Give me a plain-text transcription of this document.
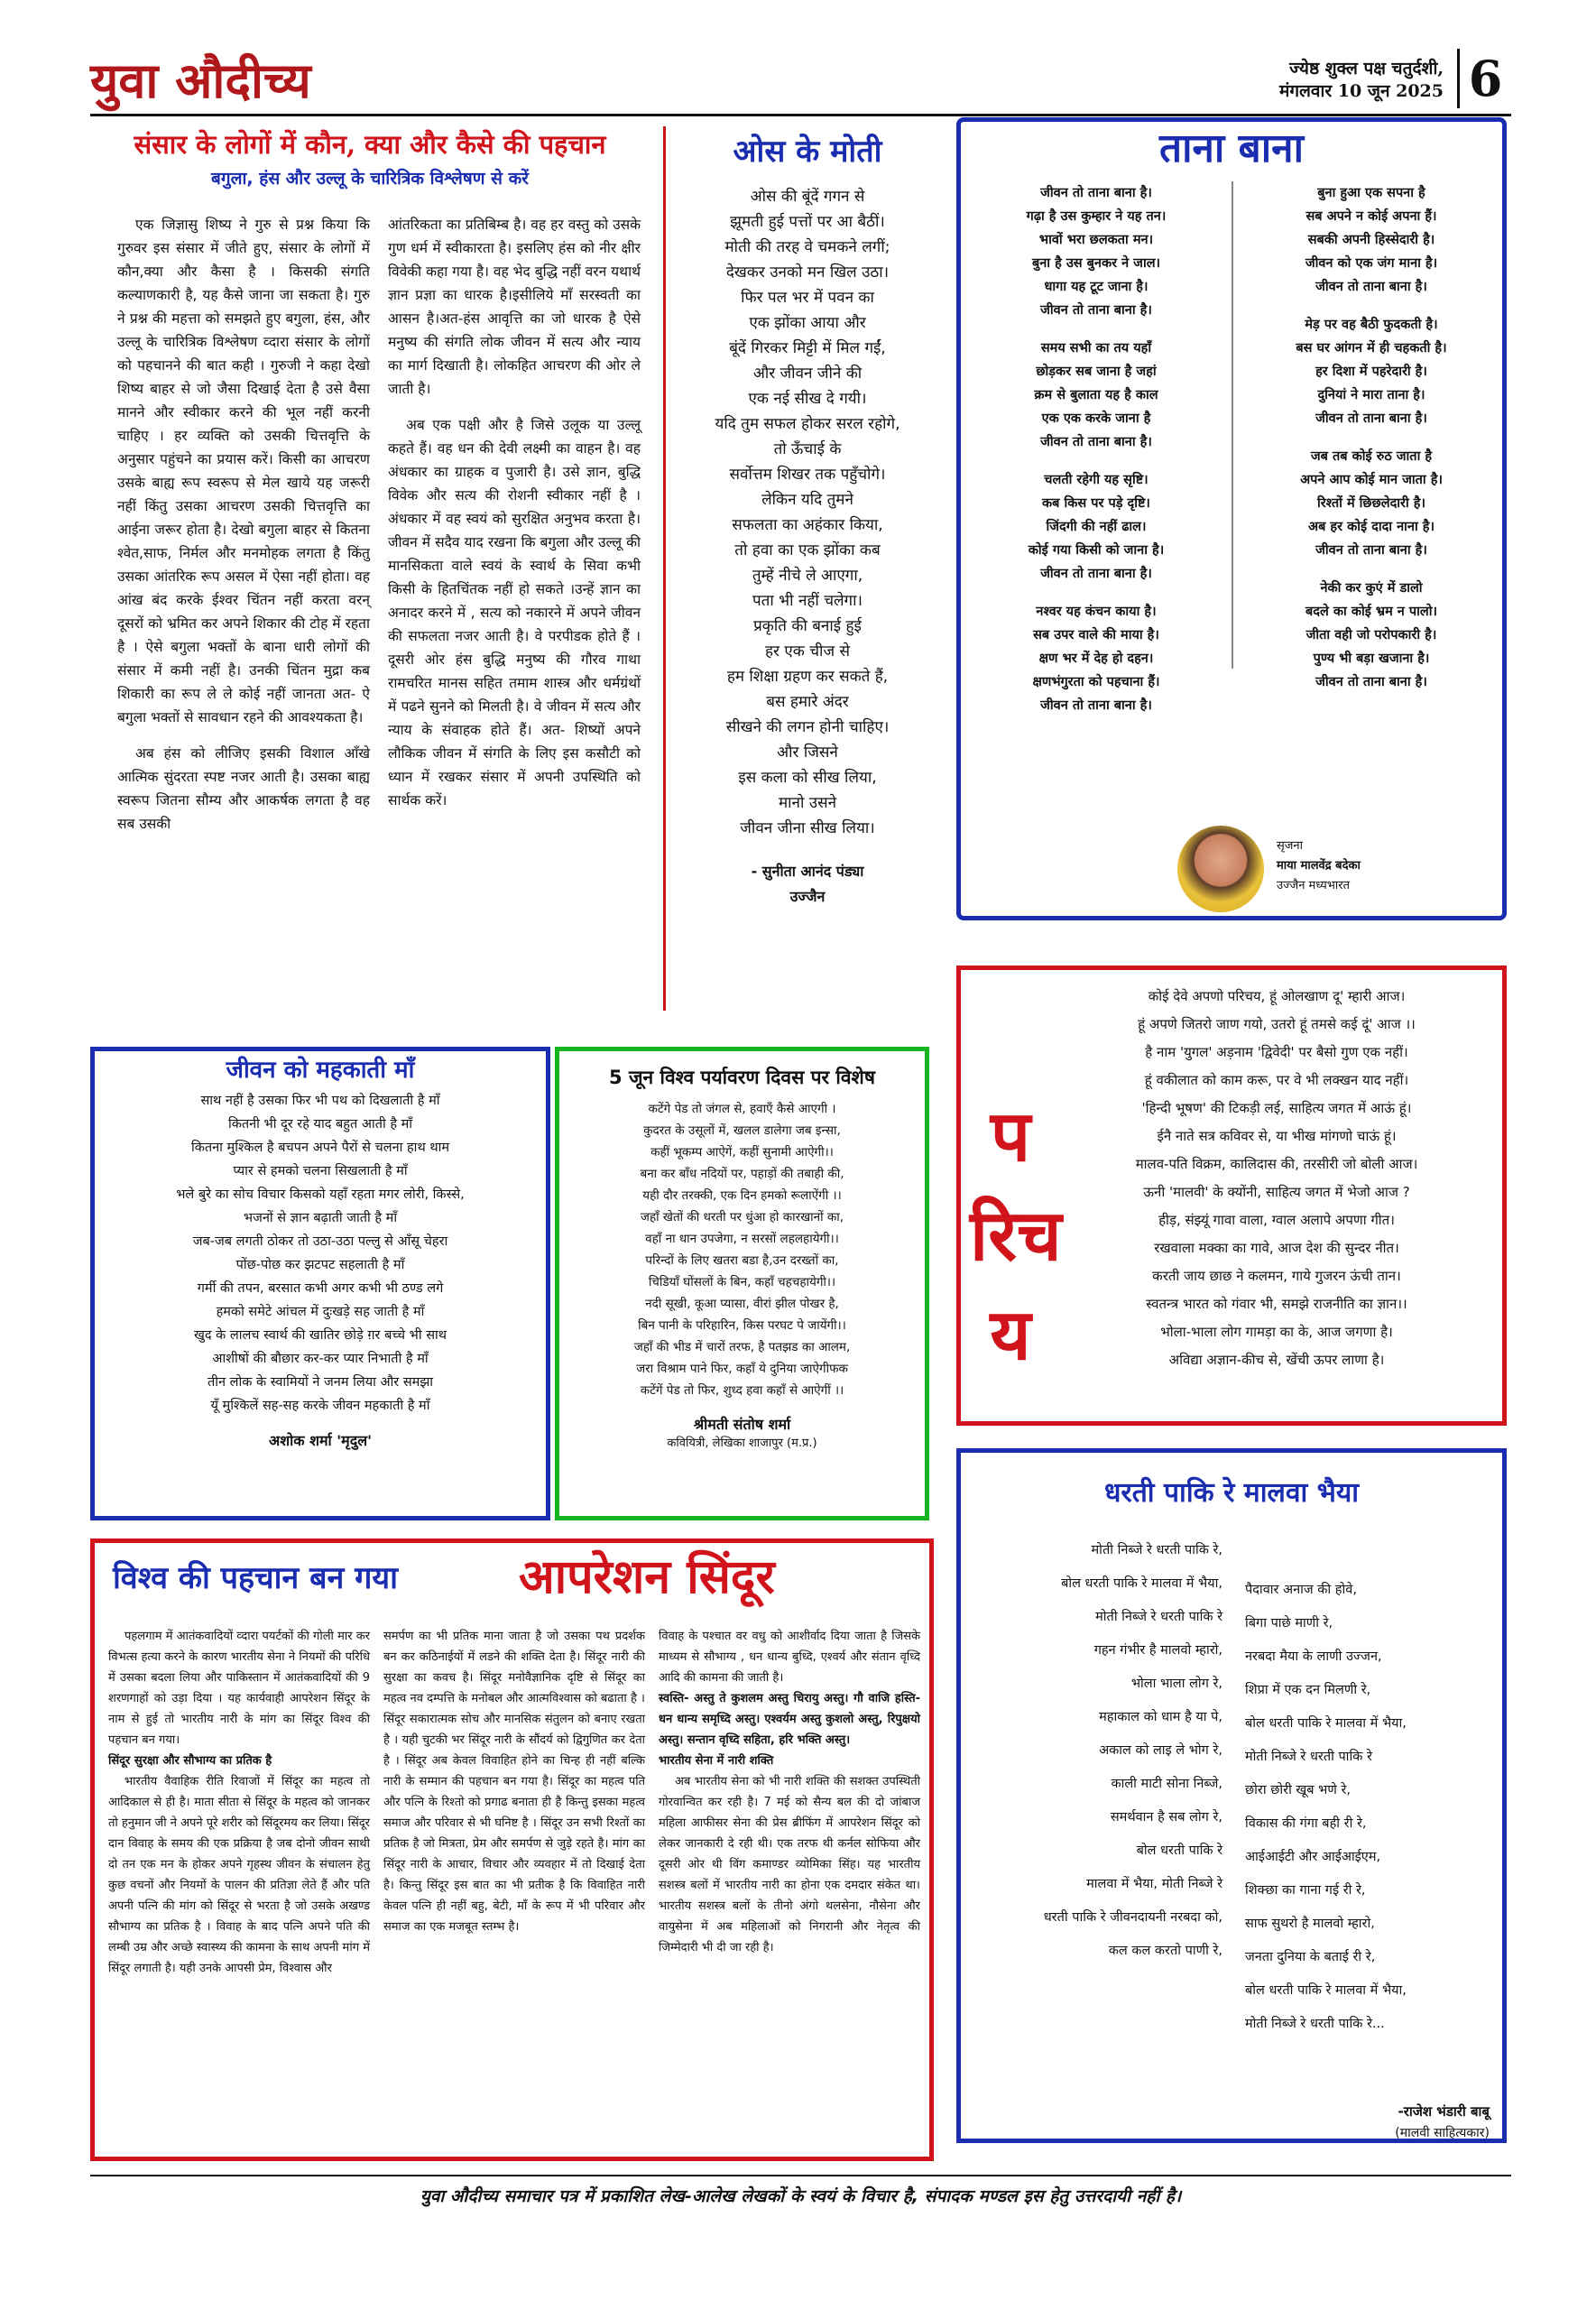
युवा औदीच्य	ज्येष्ठ शुक्ल पक्ष चतुर्दशी,
मंगलवार 10 जून 2025 6
संसार के लोगों में कौन, क्या और कैसे की पहचान
बगुला, हंस और उल्लू के चारित्रिक विश्लेषण से करें

एक जिज्ञासु शिष्य ने गुरु से प्रश्न किया कि गुरुवर इस संसार में जीते हुए, संसार के लोगों में कौन,क्या और कैसा है । किसकी संगति कल्याणकारी है, यह कैसे जाना जा सकता है। गुरु ने प्रश्न की महत्ता को समझते हुए बगुला, हंस, और उल्लू के चारित्रिक विश्लेषण व्दारा संसार के लोगों को पहचानने की बात कही । गुरुजी ने कहा देखो शिष्य बाहर से जो जैसा दिखाई देता है उसे वैसा मानने और स्वीकार करने की भूल नहीं करनी चाहिए । हर व्यक्ति को उसकी चित्तवृत्ति के अनुसार पहुंचने का प्रयास करें। किसी का आचरण उसके बाह्य रूप स्वरूप से मेल खाये यह जरूरी नहीं किंतु उसका आचरण उसकी चित्तवृत्ति का आईना जरूर होता है। देखो बगुला बाहर से कितना श्वेत,साफ, निर्मल और मनमोहक लगता है किंतु उसका आंतरिक रूप असल में ऐसा नहीं होता। वह आंख बंद करके ईश्वर चिंतन नहीं करता वरन् दूसरों को भ्रमित कर अपने शिकार की टोह में रहता है । ऐसे बगुला भक्तों के बाना धारी लोगों की संसार में कमी नहीं है। उनकी चिंतन मुद्रा कब शिकारी का रूप ले ले कोई नहीं जानता अत- ऐ बगुला भक्तों से सावधान रहने की आवश्यकता है।

अब हंस को लीजिए इसकी विशाल आँखे आत्मिक सुंदरता स्पष्ट नजर आती है। उसका बाह्य स्वरूप जितना सौम्य और आकर्षक लगता है वह सब उसकी

आंतरिकता का प्रतिबिम्ब है। वह हर वस्तु को उसके गुण धर्म में स्वीकारता है। इसलिए हंस को नीर क्षीर विवेकी कहा गया है। वह भेद बुद्धि नहीं वरन यथार्थ ज्ञान प्रज्ञा का धारक है।इसीलिये माँ सरस्वती का आसन है।अत-हंस आवृत्ति का जो धारक है ऐसे मनुष्य की संगति लोक जीवन में सत्य और न्याय का मार्ग दिखाती है। लोकहित आचरण की ओर ले जाती है।

अब एक पक्षी और है जिसे उलूक या उल्लू कहते हैं। वह धन की देवी लक्ष्मी का वाहन है। वह अंधकार का ग्राहक व पुजारी है। उसे ज्ञान, बुद्धि विवेक और सत्य की रोशनी स्वीकार नहीं है । अंधकार में वह स्वयं को सुरक्षित अनुभव करता है। जीवन में सदैव याद रखना कि बगुला और उल्लू की मानसिकता वाले स्वयं के स्वार्थ के सिवा कभी किसी के हितचिंतक नहीं हो सकते ।उन्हें ज्ञान का अनादर करने में , सत्य को नकारने में अपने जीवन की सफलता नजर आती है। वे परपीडक होते हैं । दूसरी ओर हंस बुद्धि मनुष्य की गौरव गाथा रामचरित मानस सहित तमाम शास्त्र और धर्मग्रंथों में पढने सुनने को मिलती है। वे जीवन में सत्य और न्याय के संवाहक होते हैं। अत- शिष्यों अपने लौकिक जीवन में संगति के लिए इस कसौटी को ध्यान में रखकर संसार में अपनी उपस्थिति को सार्थक करें।

ओस के मोती

ओस की बूंदें गगन से

झूमती हुई पत्तों पर आ बैठीं।

मोती की तरह वे चमकने लगीं;

देखकर उनको मन खिल उठा।

फिर पल भर में पवन का

एक झोंका आया और

बूंदें गिरकर मिट्टी में मिल गईं,

और जीवन जीने की

एक नई सीख दे गयी।

यदि तुम सफल होकर सरल रहोगे,

तो ऊँचाई के

सर्वोत्तम शिखर तक पहुँचोगे।

लेकिन यदि तुमने

सफलता का अहंकार किया,

तो हवा का एक झोंका कब

तुम्हें नीचे ले आएगा,

पता भी नहीं चलेगा।

प्रकृति की बनाई हुई

हर एक चीज से

हम शिक्षा ग्रहण कर सकते हैं,

बस हमारे अंदर

सीखने की लगन होनी चाहिए।

और जिसने

इस कला को सीख लिया,

मानो उसने

जीवन जीना सीख लिया।

- सुनीता आनंद पंड्या
उज्जैन
ताना बाना

जीवन तो ताना बाना है।

गढ़ा है उस कुम्हार ने यह तन।

भावों भरा छलकता मन।

बुना है उस बुनकर ने जाल।

धागा यह टूट जाना है।

जीवन तो ताना बाना है।

समय सभी का तय यहाँ

छोड़कर सब जाना है जहां

क्रम से बुलाता यह है काल

एक एक करके जाना है

जीवन तो ताना बाना है।

चलती रहेगी यह सृष्टि।

कब किस पर पड़े दृष्टि।

जिंदगी की नहीं ढाल।

कोई गया किसी को जाना है।

जीवन तो ताना बाना है।

नश्वर यह कंचन काया है।

सब उपर वाले की माया है।

क्षण भर में देह हो दहन।

क्षणभंगुरता को पहचाना हैं।

जीवन तो ताना बाना है।

बुना हुआ एक सपना है

सब अपने न कोई अपना हैं।

सबकी अपनी हिस्सेदारी है।

जीवन को एक जंग माना है।

जीवन तो ताना बाना है।

मेड़ पर वह बैठी फुदकती है।

बस घर आंगन में ही चहकती है।

हर दिशा में पहरेदारी है।

दुनियां ने मारा ताना है।

जीवन तो ताना बाना है।

जब तब कोई रुठ जाता है

अपने आप कोई मान जाता है।

रिश्तों में छिछलेदारी है।

अब हर कोई दादा नाना है।

जीवन तो ताना बाना है।

नेकी कर कुएं में डालो

बदले का कोई भ्रम न पालो।

जीता वही जो परोपकारी है।

पुण्य भी बड़ा खजाना है।

जीवन तो ताना बाना है।

सृजना
माया मालवेंद्र बदेका
उज्जैन मध्यभारत
परिचय

कोई देवे अपणो परिचय, हूं ओलखाण दू' म्हारी आज।

हूं अपणे जितरो जाण गयो, उतरो हूं तमसे कई दूं' आज ।।

है नाम 'युगल' अड़नाम 'द्विवेदी' पर बैसो गुण एक नहीं।

हूं वकीलात को काम करू, पर वे भी लक्खन याद नहीं।

'हिन्दी भूषण' की टिकड़ी लई, साहित्य जगत में आऊं हूं।

ईनै नाते सत्र कविवर से, या भीख मांगणो चाऊं हूं।

मालव-पति विक्रम, कालिदास की, तरसीरी जो बोली आज।

ऊनी 'मालवी' के क्योंनी, साहित्य जगत में भेजो आज ?

हीड़, संझ्यूं गावा वाला, ग्वाल अलापे अपणा गीत।

रखवाला मक्का का गावे, आज देश की सुन्दर नीत।

करती जाय छाछ ने कलमन, गाये गुजरन ऊंची तान।

स्वतन्त्र भारत को गंवार भी, समझे राजनीति का ज्ञान।।

भोला-भाला लोग गामड़ा का के, आज जगणा है।

अविद्या अज्ञान-कीच से, खेंची ऊपर लाणा है।

जीवन को महकाती माँ

साथ नहीं है उसका फिर भी पथ को दिखलाती है माँ

कितनी भी दूर रहे याद बहुत आती है माँ

कितना मुश्किल है बचपन अपने पैरों से चलना हाथ थाम

प्यार से हमको चलना सिखलाती है माँ

भले बुरे का सोच विचार किसको यहाँ रहता मगर लोरी, किस्से,

भजनों से ज्ञान बढ़ाती जाती है माँ

जब-जब लगती ठोकर तो उठा-उठा पल्लु से आँसू चेहरा

पोंछ-पोछ कर झटपट सहलाती है माँ

गर्मी की तपन, बरसात कभी अगर कभी भी ठण्ड लगे

हमको समेटे आंचल में दुःखड़े सह जाती है माँ

खुद के लालच स्वार्थ की खातिर छोड़े ग़र बच्चे भी साथ

आशीषों की बौछार कर-कर प्यार निभाती है माँ

तीन लोक के स्वामियों ने जनम लिया और समझा

यूँ मुश्किलें सह-सह करके जीवन महकाती है माँ

अशोक शर्मा 'मृदुल'
5 जून विश्व पर्यावरण दिवस पर विशेष

कटेंगे पेड तो जंगल से, हवाएँ कैसे आएगी ।

कुदरत के उसूलों में, खलल डालेगा जब इन्सा,

कहीं भूकम्प आऐगें, कहीं सुनामी आऐगी।।

बना कर बाँध नदियों पर, पहाड़ों की तबाही की,

यही दौर तरक्की, एक दिन हमको रूलाऐंगी ।।

जहाँ खेतों की धरती पर धुंआ हो कारखानों का,

वहाँ ना धान उपजेगा, न सरसों लहलहायेगी।।

परिन्दों के लिए खतरा बडा है,उन दरख्तों का,

चिडियाँ घोंसलों के बिन, कहाँ चहचहायेगी।।

नदी सूखी, कूआ प्यासा, वीरां झील पोखर है,

बिन पानी के परिहारिन, किस परघट पे जायेंगी।।

जहाँ की भीड में चारों तरफ, है पतझड का आलम,

जरा विश्राम पाने फिर, कहाँ ये दुनिया जाऐगीफक

कटेंगें पेड तो फिर, शुध्द हवा कहाँ से आऐगीं ।।

श्रीमती संतोष शर्मा
कवियित्री, लेखिका शाजापुर (म.प्र.)
धरती पाकि रे मालवा भैया

मोती निब्जे रे धरती पाकि रे,

बोल धरती पाकि रे मालवा में भैया,

मोती निब्जे रे धरती पाकि रे

गहन गंभीर है मालवो म्हारो,

भोला भाला लोग रे,

महाकाल को धाम है या पे,

अकाल को लाइ ले भोग रे,

काली माटी सोना निब्जे,

समर्थवान है सब लोग रे,

बोल धरती पाकि रे

मालवा में भैया, मोती निब्जे रे

धरती पाकि रे जीवनदायनी नरबदा को,

कल कल करतो पाणी रे,

पैदावार अनाज की होवे,

बिगा पाछे माणी रे,

नरबदा मैया के लाणी उज्जन,

शिप्रा में एक दन मिलणी रे,

बोल धरती पाकि रे मालवा में भैया,

मोती निब्जे रे धरती पाकि रे

छोरा छोरी खूब भणे रे,

विकास की गंगा बही री रे,

आईआईटी और आईआईएम,

शिक्छा का गाना गई री रे,

साफ सुथरो है मालवो म्हारो,

जनता दुनिया के बताई री रे,

बोल धरती पाकि रे मालवा में भैया,

मोती निब्जे रे धरती पाकि रे...

-राजेश भंडारी बाबू
(मालवी साहित्यकार)
विश्व की पहचान बन गया	आपरेशन सिंदूर

पहलगाम में आतंकवादियों व्दारा पयर्टकों की गोली मार कर विभत्स हत्या करने के कारण भारतीय सेना ने नियमों की परिधि में उसका बदला लिया और पाकिस्तान में आतंकवादियों की 9 शरणगाहों को उड़ा दिया । यह कार्यवाही आपरेशन सिंदूर के नाम से हुई तो भारतीय नारी के मांग का सिंदूर विश्व की पहचान बन गया।

सिंदूर सुरक्षा और सौभाग्य का प्रतिक है

भारतीय वैवाहिक रीति रिवाजों में सिंदूर का महत्व तो आदिकाल से ही है। माता सीता से सिंदूर के महत्व को जानकर तो हनुमान जी ने अपने पूरे शरीर को सिंदूरमय कर लिया। सिंदूर दान विवाह के समय की एक प्रक्रिया है जब दोनो जीवन साथी दो तन एक मन के होकर अपने गृहस्थ जीवन के संचालन हेतु कुछ वचनों और नियमों के पालन की प्रतिज्ञा लेते हैं और पति अपनी पत्नि की मांग को सिंदूर से भरता है जो उसके अखण्ड सौभाग्य का प्रतिक है । विवाह के बाद पत्नि अपने पति की लम्बी उम्र और अच्छे स्वास्थ्य की कामना के साथ अपनी मांग में सिंदूर लगाती है। यही उनके आपसी प्रेम, विश्वास और

समर्पण का भी प्रतिक माना जाता है जो उसका पथ प्रदर्शक बन कर कठिनाईयों में लडने की शक्ति देता है। सिंदूर नारी की सुरक्षा का कवच है। सिंदूर मनोवैज्ञानिक दृष्टि से सिंदूर का महत्व नव दम्पत्ति के मनोबल और आत्मविश्वास को बढाता है । सिंदूर सकारात्मक सोच और मानसिक संतुलन को बनाए रखता है । यही चुटकी भर सिंदूर नारी के सौंदर्य को द्विगुणित कर देता है । सिंदूर अब केवल विवाहित होने का चिन्ह ही नहीं बल्कि नारी के सम्मान की पहचान बन गया है। सिंदूर का महत्व पति और पत्नि के रिश्तो को प्रगाढ बनाता ही है किन्तु इसका महत्व समाज और परिवार से भी घनिष्ट है । सिंदूर उन सभी रिश्तों का प्रतिक है जो मित्रता, प्रेम और समर्पण से जुड़े रहते है। मांग का सिंदूर नारी के आचार, विचार और व्यवहार में तो दिखाई देता है। किन्तु सिंदूर इस बात का भी प्रतीक है कि विवाहित नारी केवल पत्नि ही नहीं बहु, बेटी, माँ के रूप में भी परिवार और समाज का एक मजबूत स्तम्भ है।

विवाह के पश्चात वर वधु को आशीर्वाद दिया जाता है जिसके माध्यम से सौभाग्य , धन धान्य बुध्दि, एश्वर्य और संतान वृध्दि आदि की कामना की जाती है।

स्वस्ति- अस्तु ते कुशलम अस्तु चिरायु अस्तु। गौ वाजि हस्ति- धन धान्य समृध्दि अस्तु। एश्वर्यम अस्तु कुशलो अस्तु, रिपुक्षयो अस्तु। सन्तान वृध्दि सहिता, हरि भक्ति अस्तु।

भारतीय सेना में नारी शक्ति

अब भारतीय सेना को भी नारी शक्ति की सशक्त उपस्थिती गोरवान्वित कर रही है। 7 मई को सैन्य बल की दो जांबाज महिला आफीसर सेना की प्रेस ब्रीफिंग में आपरेशन सिंदूर को लेकर जानकारी दे रही थी। एक तरफ थी कर्नल सोफिया और दूसरी ओर थी विंग कमाण्डर व्योमिका सिंह। यह भारतीय सशस्त्र बलों में भारतीय नारी का होना एक दमदार संकेत था।भारतीय सशस्त्र बलों के तीनो अंगो थलसेना, नौसेना और वायुसेना में अब महिलाओं को निगरानी और नेतृत्व की जिम्मेदारी भी दी जा रही है।

युवा औदीच्य समाचार पत्र में प्रकाशित लेख-आलेख लेखकों के स्वयं के विचार है, संपादक मण्डल इस हेतु उत्तरदायी नहीं है।
